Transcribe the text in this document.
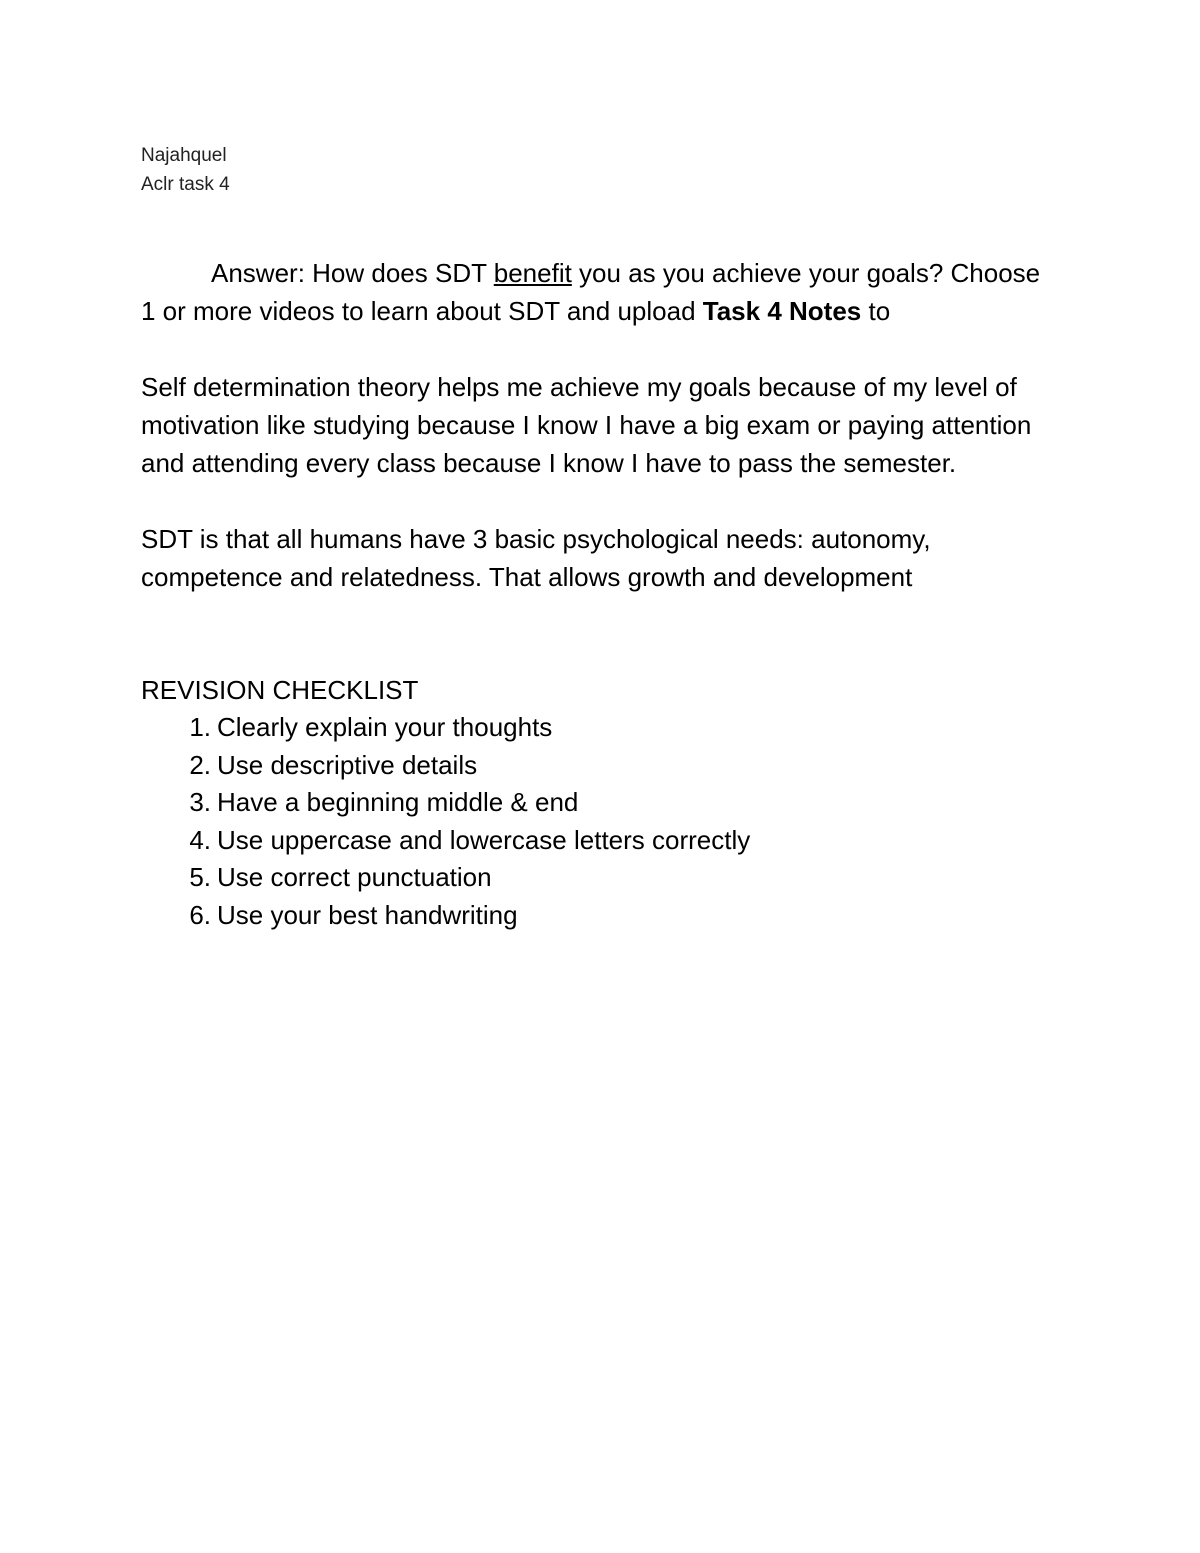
Najahquel
Aclr task 4

Answer: How does SDT benefit you as you achieve your goals? Choose 1 or more videos to learn about SDT and upload Task 4 Notes to

Self determination theory helps me achieve my goals because of my level of motivation like studying because I know I have a big exam or paying attention and attending every class because I know I have to pass the semester.

SDT is that all humans have 3 basic psychological needs: autonomy, competence and relatedness. That allows growth and development

REVISION CHECKLIST

1. Clearly explain your thoughts
2. Use descriptive details
3. Have a beginning middle & end
4. Use uppercase and lowercase letters correctly
5. Use correct punctuation
6. Use your best handwriting
